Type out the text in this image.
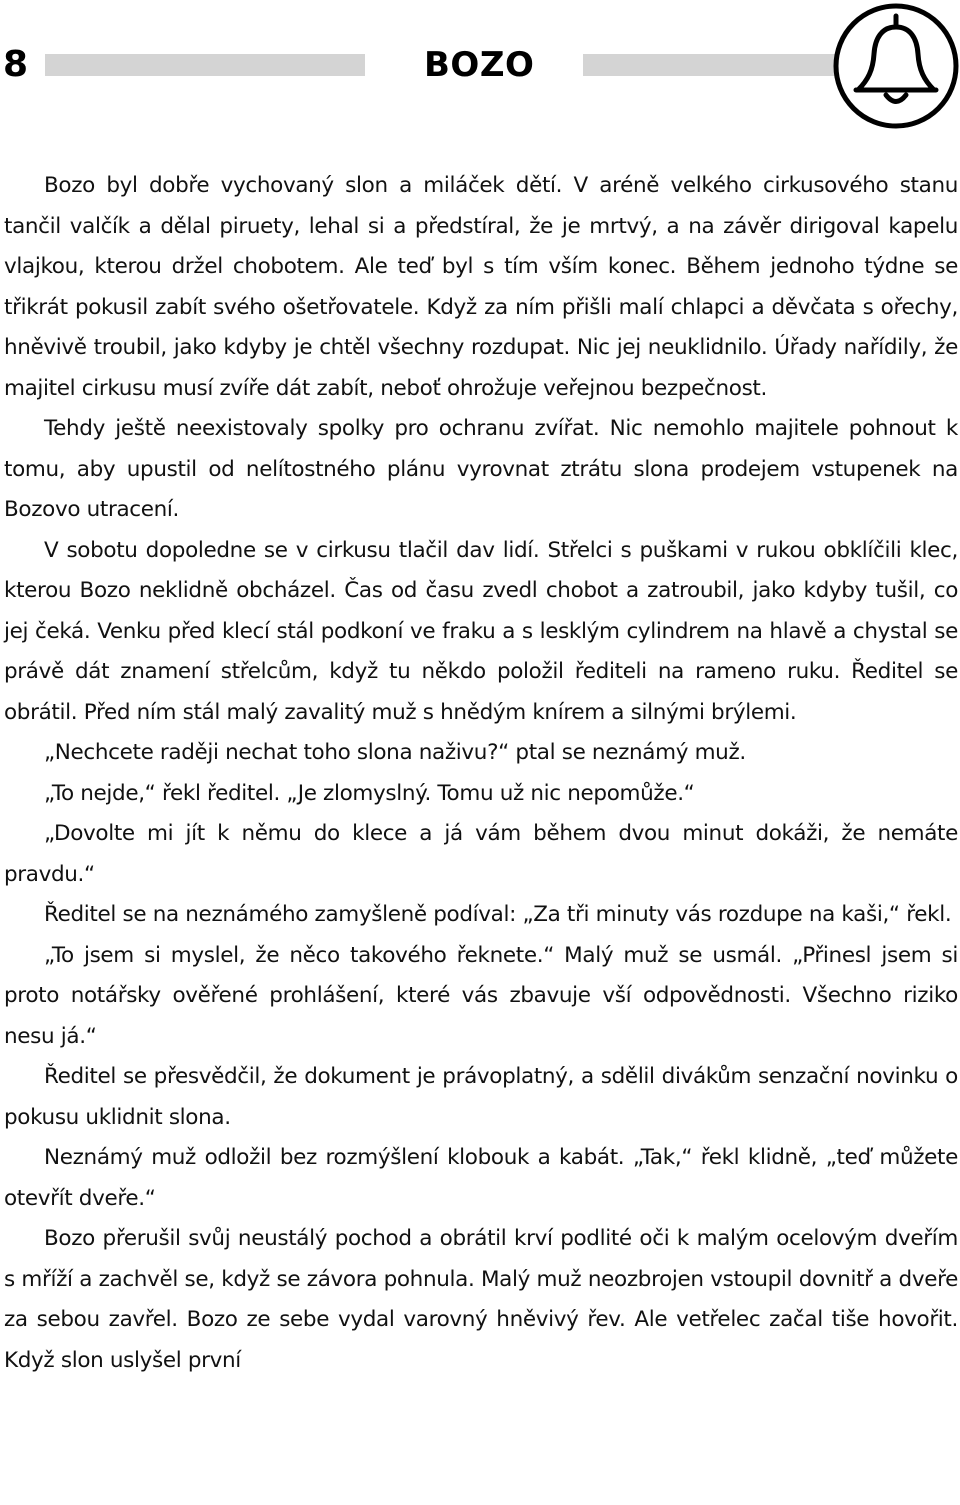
8	BOZO

Bozo byl dobře vychovaný slon a miláček dětí. V aréně velkého cirkusového stanu tančil valčík a dělal piruety, lehal si a předstíral, že je mrtvý, a na závěr dirigoval kapelu vlajkou, kterou držel chobotem. Ale teď byl s tím vším konec. Během jednoho týdne se třikrát pokusil zabít svého ošetřovatele. Když za ním přišli malí chlapci a děvčata s ořechy, hněvivě troubil, jako kdyby je chtěl všechny rozdupat. Nic jej neuklidnilo. Úřady nařídily, že majitel cirkusu musí zvíře dát zabít, neboť ohrožuje veřejnou bezpečnost.

Tehdy ještě neexistovaly spolky pro ochranu zvířat. Nic nemohlo majitele pohnout k tomu, aby upustil od nelítostného plánu vyrovnat ztrátu slona prodejem vstupenek na Bozovo utracení.

V sobotu dopoledne se v cirkusu tlačil dav lidí. Střelci s puškami v rukou obklíčili klec, kterou Bozo neklidně obcházel. Čas od času zvedl chobot a zatroubil, jako kdyby tušil, co jej čeká. Venku před klecí stál podkoní ve fraku a s lesklým cylindrem na hlavě a chystal se právě dát znamení střelcům, když tu někdo položil řediteli na rameno ruku. Ředitel se obrátil. Před ním stál malý zavalitý muž s hnědým knírem a silnými brýlemi.

„Nechcete raději nechat toho slona naživu?“ ptal se neznámý muž.

„To nejde,“ řekl ředitel. „Je zlomyslný. Tomu už nic nepomůže.“

„Dovolte mi jít k němu do klece a já vám během dvou minut dokáži, že nemáte pravdu.“

Ředitel se na neznámého zamyšleně podíval: „Za tři minuty vás rozdupe na kaši,“ řekl.

„To jsem si myslel, že něco takového řeknete.“ Malý muž se usmál. „Přinesl jsem si proto notářsky ověřené prohlášení, které vás zbavuje vší odpovědnosti. Všechno riziko nesu já.“

Ředitel se přesvědčil, že dokument je právoplatný, a sdělil divákům senzační novinku o pokusu uklidnit slona.

Neznámý muž odložil bez rozmýšlení klobouk a kabát. „Tak,“ řekl klidně, „teď můžete otevřít dveře.“

Bozo přerušil svůj neustálý pochod a obrátil krví podlité oči k malým ocelovým dveřím s mříží a zachvěl se, když se závora pohnula. Malý muž neozbrojen vstoupil dovnitř a dveře za sebou zavřel. Bozo ze sebe vydal varovný hněvivý řev. Ale vetřelec začal tiše hovořit. Když slon uslyšel první
